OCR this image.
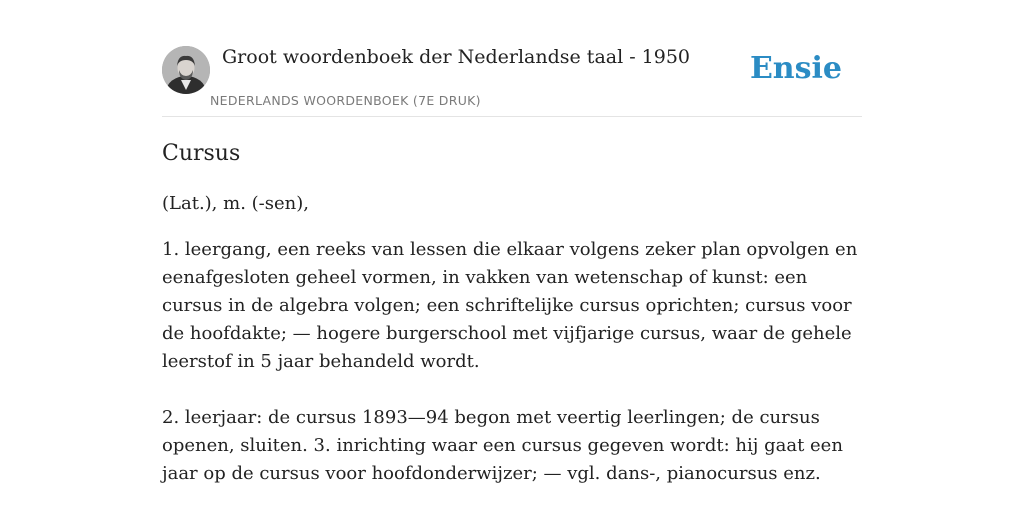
Groot woordenboek der Nederlandse taal - 1950
NEDERLANDS WOORDENBOEK (7E DRUK)
Ensie
Cursus

(Lat.), m. (-sen),

1. leergang, een reeks van lessen die elkaar volgens zeker plan opvolgen en eenafgesloten geheel vormen, in vakken van wetenschap of kunst: een cursus in de algebra volgen; een schriftelijke cursus oprichten; cursus voor de hoofdakte; — hogere burgerschool met vijfjarige cursus, waar de gehele leerstof in 5 jaar behandeld wordt.

2. leerjaar: de cursus 1893—94 begon met veertig leerlingen; de cursus openen, sluiten. 3. inrichting waar een cursus gegeven wordt: hij gaat een jaar op de cursus voor hoofdonderwijzer; — vgl. dans-, pianocursus enz.
